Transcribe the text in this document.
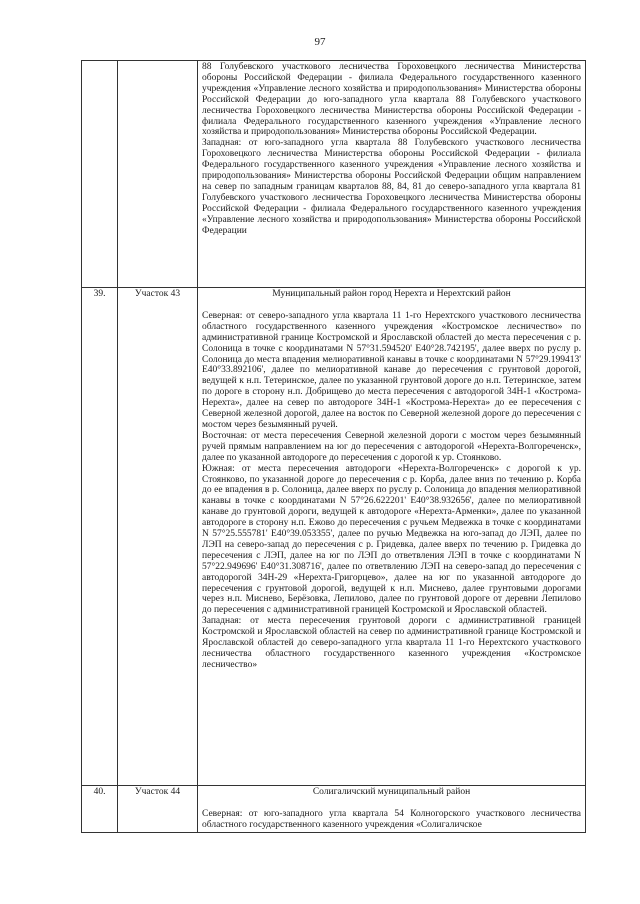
97

		88 Голубевского участкового лесничества Гороховецкого лесничества Министерства обороны Российской Федерации - филиала Федерального государственного казенного учреждения «Управление лесного хозяйства и природопользования» Министерства обороны Российской Федерации до юго-западного угла квартала 88 Голубевского участкового лесничества Гороховецкого лесничества Министерства обороны Российской Федерации - филиала Федерального государственного казенного учреждения «Управление лесного хозяйства и природопользования» Министерства обороны Российской Федерации.

Западная: от юго-западного угла квартала 88 Голубевского участкового лесничества Гороховецкого лесничества Министерства обороны Российской Федерации - филиала Федерального государственного казенного учреждения «Управление лесного хозяйства и природопользования» Министерства обороны Российской Федерации общим направлением на север по западным границам кварталов 88, 84, 81 до северо-западного угла квартала 81 Голубевского участкового лесничества Гороховецкого лесничества Министерства обороны Российской Федерации - филиала Федерального государственного казенного учреждения «Управление лесного хозяйства и природопользования» Министерства обороны Российской Федерации

39.	Участок 43	Муниципальный район город Нерехта и Нерехтский район

Северная: от северо-западного угла квартала 11 1-го Нерехтского участкового лесничества областного государственного казенного учреждения «Костромское лесничество» по административной границе Костромской и Ярославской областей до места пересечения с р. Солоница в точке с координатами N 57°31.594520' E40°28.742195', далее вверх по руслу р. Солоница до места впадения мелиоративной канавы в точке с координатами N 57°29.199413' E40°33.892106', далее по мелиоративной канаве до пересечения с грунтовой дорогой, ведущей к н.п. Тетеринское, далее по указанной грунтовой дороге до н.п. Тетеринское, затем по дороге в сторону н.п. Добрищево до места пересечения с автодорогой 34Н-1 «Кострома-Нерехта», далее на север по автодороге 34Н-1 «Кострома-Нерехта» до ее пересечения с Северной железной дорогой, далее на восток по Северной железной дороге до пересечения с мостом через безымянный ручей.

Восточная: от места пересечения Северной железной дороги с мостом через безымянный ручей прямым направлением на юг до пересечения с автодорогой «Нерехта-Волгореченск», далее по указанной автодороге до пересечения с дорогой к ур. Стоянково.

Южная: от места пересечения автодороги «Нерехта-Волгореченск» с дорогой к ур. Стоянково, по указанной дороге до пересечения с р. Корба, далее вниз по течению р. Корба до ее впадения в р. Солоница, далее вверх по руслу р. Солоница до впадения мелиоративной канавы в точке с координатами N 57°26.622201' E40°38.932656', далее по мелиоративной канаве до грунтовой дороги, ведущей к автодороге «Нерехта-Арменки», далее по указанной автодороге в сторону н.п. Ежово до пересечения с ручьем Медвежка в точке с координатами N 57°25.555781' E40°39.053355', далее по ручью Медвежка на юго-запад до ЛЭП, далее по ЛЭП на северо-запад до пересечения с р. Гридевка, далее вверх по течению р. Гридевка до пересечения с ЛЭП, далее на юг по ЛЭП до ответвления ЛЭП в точке с координатами N 57°22.949696' E40°31.308716', далее по ответвлению ЛЭП на северо-запад до пересечения с автодорогой 34Н-29 «Нерехта-Григорцево», далее на юг по указанной автодороге до пересечения с грунтовой дорогой, ведущей к н.п. Миснево, далее грунтовыми дорогами через н.п. Миснево, Берёзовка, Лепилово, далее по грунтовой дороге от деревни Лепилово до пересечения с административной границей Костромской и Ярославской областей.

Западная: от места пересечения грунтовой дороги с административной границей Костромской и Ярославской областей на север по административной границе Костромской и Ярославской областей до северо-западного угла квартала 11 1-го Нерехтского участкового лесничества областного государственного казенного учреждения «Костромское лесничество»

40.	Участок 44	Солигаличский муниципальный район

Северная: от юго-западного угла квартала 54 Колногорского участкового лесничества областного государственного казенного учреждения «Солигаличское
